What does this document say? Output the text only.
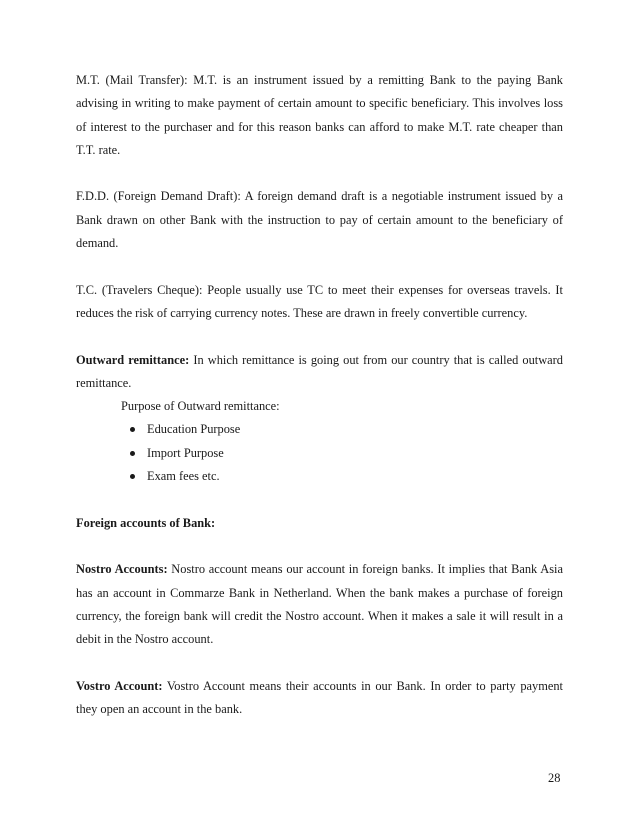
M.T. (Mail Transfer): M.T. is an instrument issued by a remitting Bank to the paying Bank advising in writing to make payment of certain amount to specific beneficiary. This involves loss of interest to the purchaser and for this reason banks can afford to make M.T. rate cheaper than T.T. rate.

F.D.D. (Foreign Demand Draft): A foreign demand draft is a negotiable instrument issued by a Bank drawn on other Bank with the instruction to pay of certain amount to the beneficiary of demand.

T.C. (Travelers Cheque): People usually use TC to meet their expenses for overseas travels. It reduces the risk of carrying currency notes. These are drawn in freely convertible currency.

Outward remittance: In which remittance is going out from our country that is called outward remittance.

Purpose of Outward remittance:
Education Purpose
Import Purpose
Exam fees etc.

Foreign accounts of Bank:

Nostro Accounts: Nostro account means our account in foreign banks. It implies that Bank Asia has an account in Commarze Bank in Netherland. When the bank makes a purchase of foreign currency, the foreign bank will credit the Nostro account. When it makes a sale it will result in a debit in the Nostro account.

Vostro Account: Vostro Account means their accounts in our Bank. In order to party payment they open an account in the bank.

28
